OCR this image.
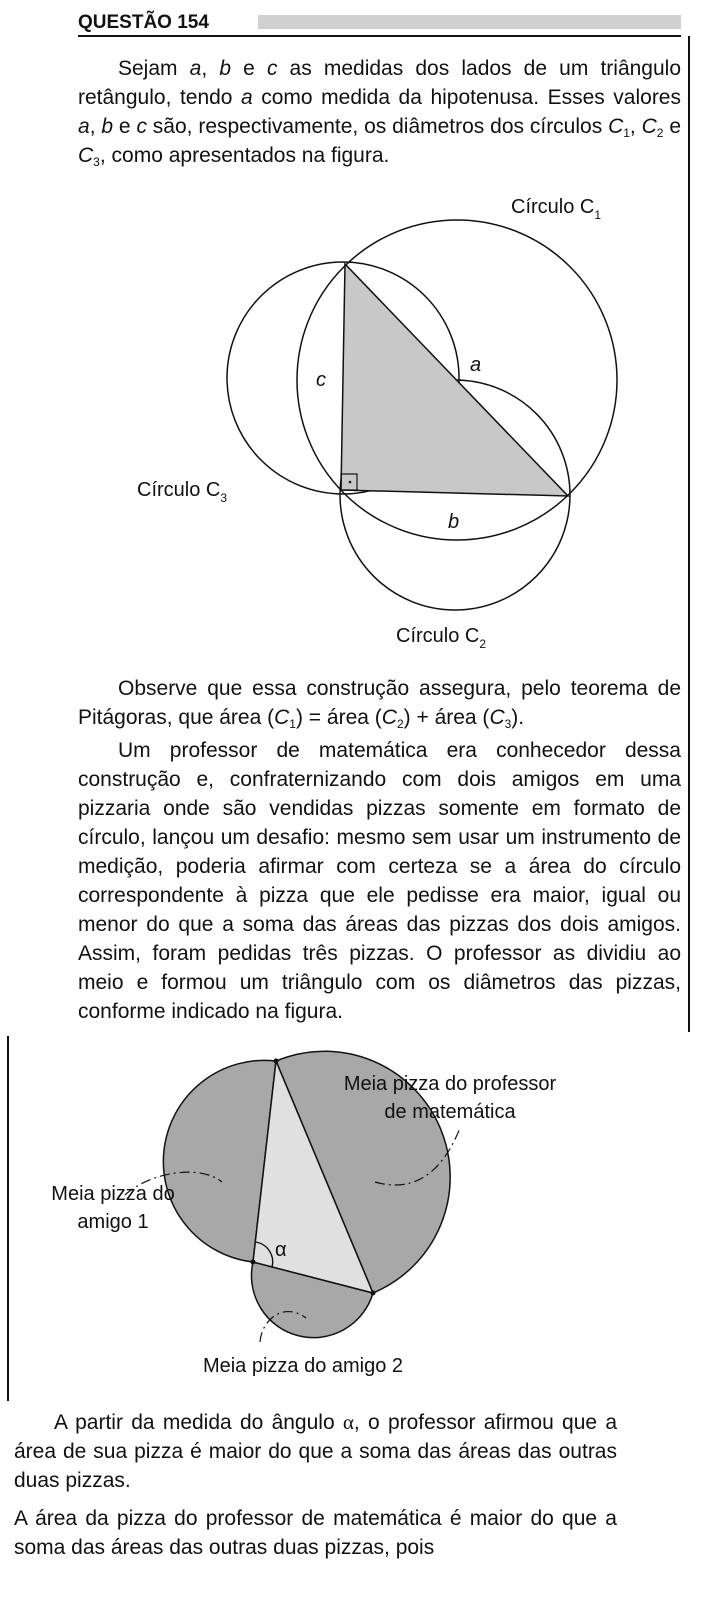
QUESTÃO 154

Sejam a, b e c as medidas dos lados de um triângulo retângulo, tendo a como medida da hipotenusa. Esses valores a, b e c são, respectivamente, os diâmetros dos círculos $C_1$, $C_2$ e $C_3$, como apresentados na figura.

Círculo $C_1$
Círculo $C_3$
Círculo $C_2$
a
c
b

Observe que essa construção assegura, pelo teorema de Pitágoras, que área $(C_1)$ = área $(C_2)$ + área $(C_3)$.

Um professor de matemática era conhecedor dessa construção e, confraternizando com dois amigos em uma pizzaria onde são vendidas pizzas somente em formato de círculo, lançou um desafio: mesmo sem usar um instrumento de medição, poderia afirmar com certeza se a área do círculo correspondente à pizza que ele pedisse era maior, igual ou menor do que a soma das áreas das pizzas dos dois amigos. Assim, foram pedidas três pizzas. O professor as dividiu ao meio e formou um triângulo com os diâmetros das pizzas, conforme indicado na figura.

α
Meia pizza do professor
de matemática
Meia pizza do
amigo 1
Meia pizza do amigo 2

A partir da medida do ângulo α, o professor afirmou que a área de sua pizza é maior do que a soma das áreas das outras duas pizzas.

A área da pizza do professor de matemática é maior do que a soma das áreas das outras duas pizzas, pois
